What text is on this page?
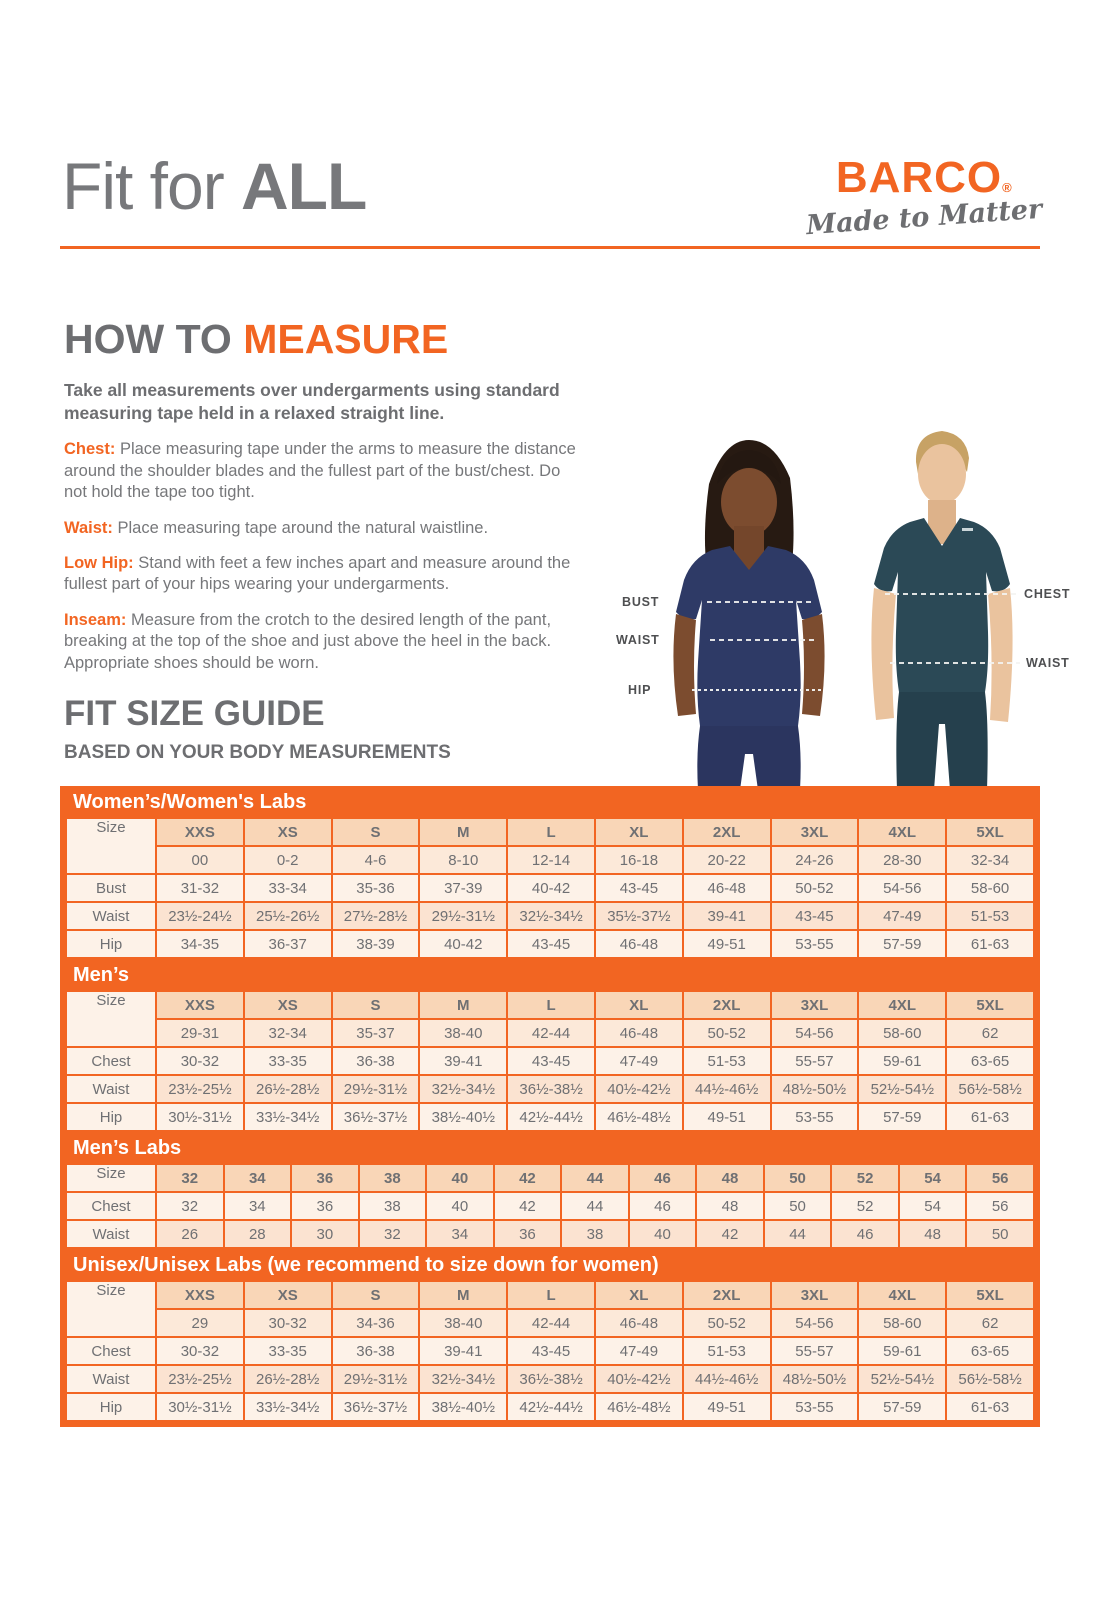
Fit for ALL	BARCO®
Made to Matter
HOW TO MEASURE

Take all measurements over undergarments using standard measuring tape held in a relaxed straight line.

Chest: Place measuring tape under the arms to measure the distance around the shoulder blades and the fullest part of the bust/chest. Do not hold the tape too tight.

Waist: Place measuring tape around the natural waistline.

Low Hip: Stand with feet a few inches apart and measure around the fullest part of your hips wearing your undergarments.

Inseam: Measure from the crotch to the desired length of the pant, breaking at the top of the shoe and just above the heel in the back. Appropriate shoes should be worn.

BUST
WAIST
HIP
CHEST
WAIST
FIT SIZE GUIDE
BASED ON YOUR BODY MEASUREMENTS
Women’s/Women's Labs
Size	XXS	XS	S	M	L	XL	2XL	3XL	4XL	5XL
	00	0-2	4-6	8-10	12-14	16-18	20-22	24-26	28-30	32-34
Bust	31-32	33-34	35-36	37-39	40-42	43-45	46-48	50-52	54-56	58-60
Waist	23½-24½	25½-26½	27½-28½	29½-31½	32½-34½	35½-37½	39-41	43-45	47-49	51-53
Hip	34-35	36-37	38-39	40-42	43-45	46-48	49-51	53-55	57-59	61-63
Men’s
Size	XXS	XS	S	M	L	XL	2XL	3XL	4XL	5XL
	29-31	32-34	35-37	38-40	42-44	46-48	50-52	54-56	58-60	62
Chest	30-32	33-35	36-38	39-41	43-45	47-49	51-53	55-57	59-61	63-65
Waist	23½-25½	26½-28½	29½-31½	32½-34½	36½-38½	40½-42½	44½-46½	48½-50½	52½-54½	56½-58½
Hip	30½-31½	33½-34½	36½-37½	38½-40½	42½-44½	46½-48½	49-51	53-55	57-59	61-63
Men’s Labs
Size	32	34	36	38	40	42	44	46	48	50	52	54	56
Chest	32	34	36	38	40	42	44	46	48	50	52	54	56
Waist	26	28	30	32	34	36	38	40	42	44	46	48	50
Unisex/Unisex Labs (we recommend to size down for women)
Size	XXS	XS	S	M	L	XL	2XL	3XL	4XL	5XL
	29	30-32	34-36	38-40	42-44	46-48	50-52	54-56	58-60	62
Chest	30-32	33-35	36-38	39-41	43-45	47-49	51-53	55-57	59-61	63-65
Waist	23½-25½	26½-28½	29½-31½	32½-34½	36½-38½	40½-42½	44½-46½	48½-50½	52½-54½	56½-58½
Hip	30½-31½	33½-34½	36½-37½	38½-40½	42½-44½	46½-48½	49-51	53-55	57-59	61-63
